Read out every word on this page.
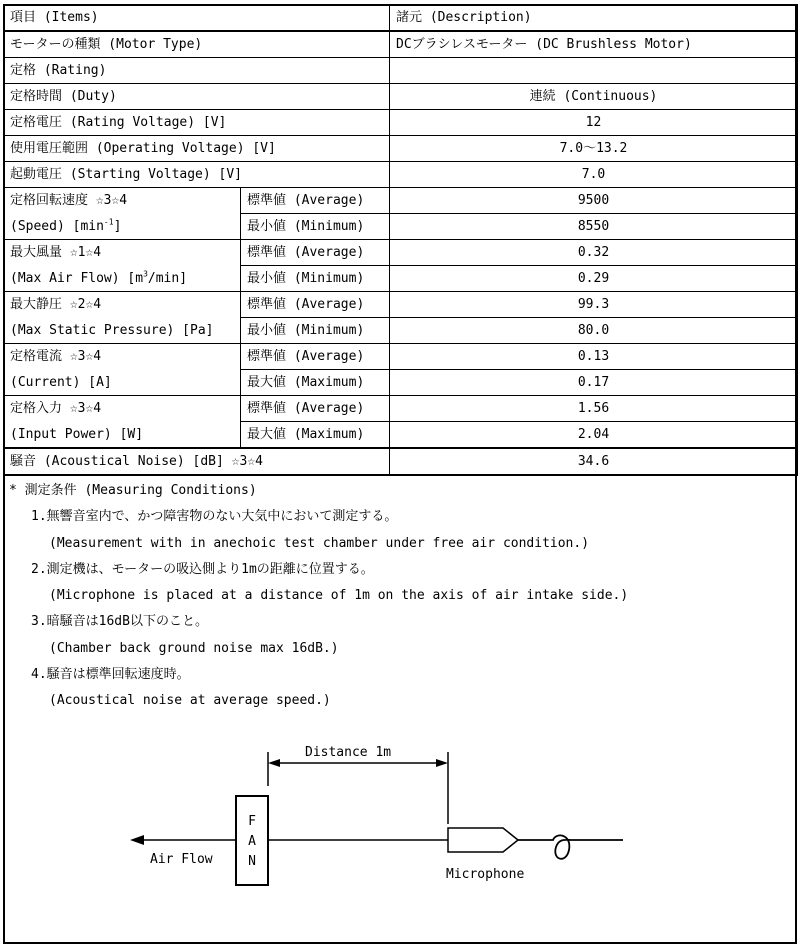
項目 (Items)		諸元 (Description)
モーターの種類 (Motor Type)		DCブラシレスモーター (DC Brushless Motor)
定格 (Rating)		
定格時間 (Duty)		連続 (Continuous)
定格電圧 (Rating Voltage) [V]		12
使用電圧範囲 (Operating Voltage) [V]		7.0〜13.2
起動電圧 (Starting Voltage) [V]		7.0
定格回転速度 ☆3☆4	標準値 (Average)	9500
(Speed) $[\min^{-1}]$	最小値 (Minimum)	8550
最大風量 ☆1☆4	標準値 (Average)	0.32
(Max Air Flow) $[m^3/\min]$	最小値 (Minimum)	0.29
最大静圧 ☆2☆4	標準値 (Average)	99.3
(Max Static Pressure) [Pa]	最小値 (Minimum)	80.0
定格電流 ☆3☆4	標準値 (Average)	0.13
(Current) [A]	最大値 (Maximum)	0.17
定格入力 ☆3☆4	標準値 (Average)	1.56
(Input Power) [W]	最大値 (Maximum)	2.04
騒音 (Acoustical Noise) [dB] ☆3☆4		34.6
* 測定条件 (Measuring Conditions)
1.無響音室内で、かつ障害物のない大気中において測定する。
(Measurement with in anechoic test chamber under free air condition.)
2.測定機は、モーターの吸込側より1mの距離に位置する。
(Microphone is placed at a distance of 1m on the axis of air intake side.)
3.暗騒音は16dB以下のこと。
(Chamber back ground noise max 16dB.)
4.騒音は標準回転速度時。
(Acoustical noise at average speed.)
Distance 1m
F
A
N
Air Flow
Microphone
